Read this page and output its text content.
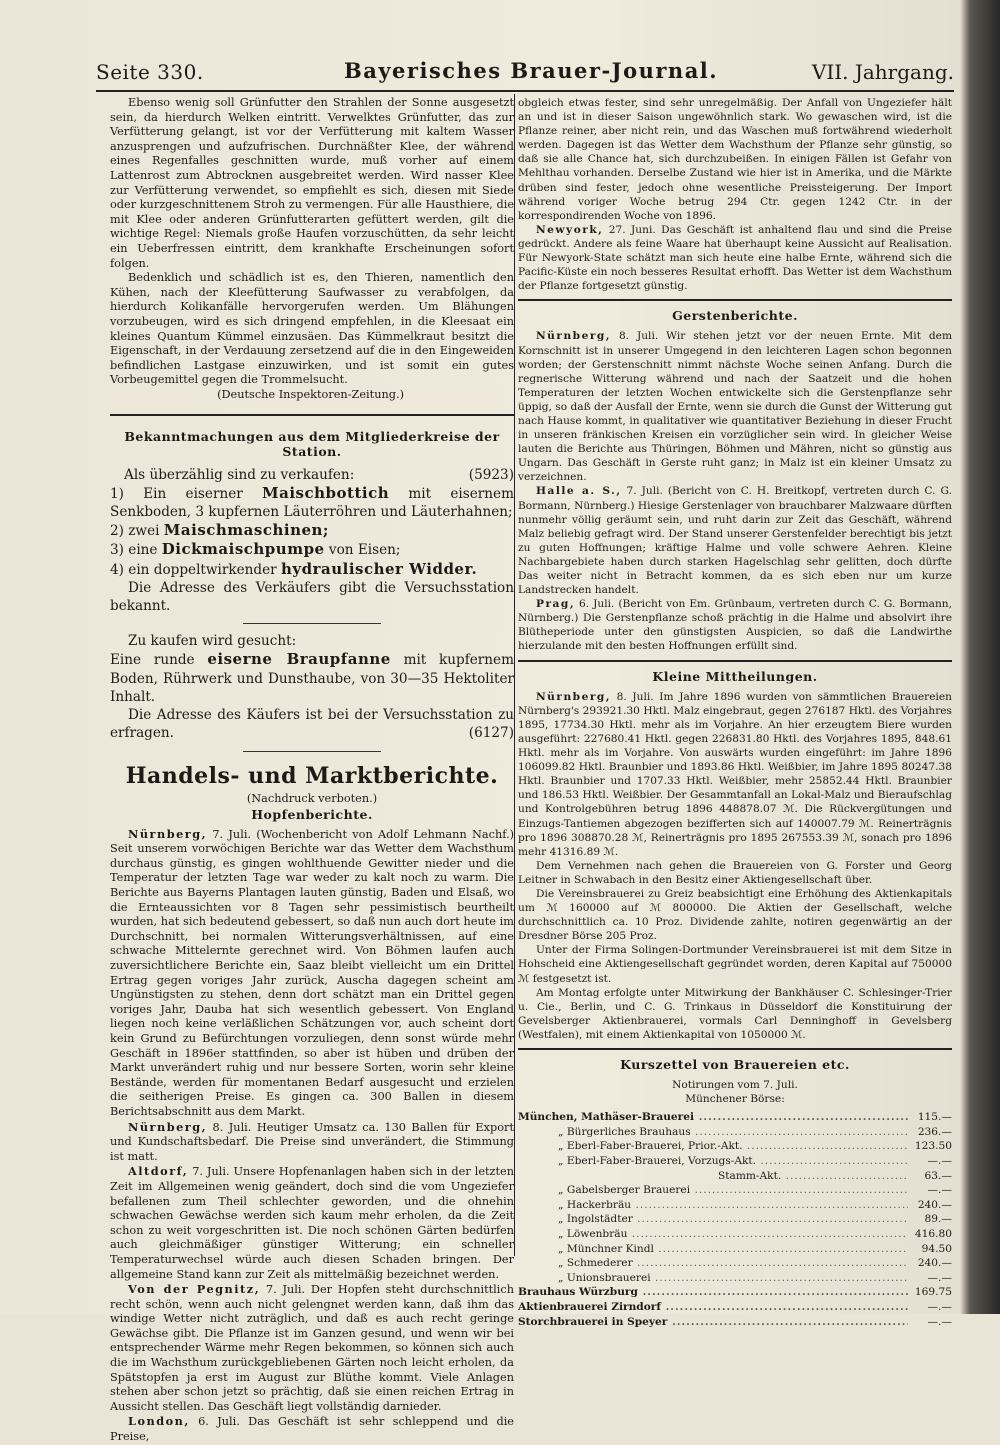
Seite 330.	Bayerisches Brauer-Journal.	VII. Jahrgang.

Ebenso wenig soll Grünfutter den Strahlen der Sonne ausgesetzt sein, da hierdurch Welken eintritt. Verwelktes Grünfutter, das zur Verfütterung gelangt, ist vor der Verfütterung mit kaltem Wasser anzusprengen und aufzufrischen. Durchnäßter Klee, der während eines Regenfalles geschnitten wurde, muß vorher auf einem Lattenrost zum Abtrocknen ausgebreitet werden. Wird nasser Klee zur Verfütterung verwendet, so empfiehlt es sich, diesen mit Siede oder kurzgeschnittenem Stroh zu vermengen. Für alle Hausthiere, die mit Klee oder anderen Grünfutterarten gefüttert werden, gilt die wichtige Regel: Niemals große Haufen vorzuschütten, da sehr leicht ein Ueberfressen eintritt, dem krankhafte Erscheinungen sofort folgen.

Bedenklich und schädlich ist es, den Thieren, namentlich den Kühen, nach der Kleefütterung Saufwasser zu verabfolgen, da hierdurch Kolikanfälle hervorgerufen werden. Um Blähungen vorzubeugen, wird es sich dringend empfehlen, in die Kleesaat ein kleines Quantum Kümmel einzusäen. Das Kümmelkraut besitzt die Eigenschaft, in der Verdauung zersetzend auf die in den Eingeweiden befindlichen Lastgase einzuwirken, und ist somit ein gutes Vorbeugemittel gegen die Trommelsucht.

(Deutsche Inspektoren-Zeitung.)

Bekanntmachungen aus dem Mitgliederkreise der Station.
Als überzählig sind zu verkaufen:	(5923)
1) Ein eiserner Maischbottich mit eisernem Senkboden, 3 kupfernen Läuterröhren und Läuterhahnen;
2) zwei Maischmaschinen;
3) eine Dickmaischpumpe von Eisen;
4) ein doppeltwirkender hydraulischer Widder.

Die Adresse des Verkäufers gibt die Versuchsstation bekannt.

Zu kaufen wird gesucht:

Eine runde eiserne Braupfanne mit kupfernem Boden, Rührwerk und Dunsthaube, von 30—35 Hektoliter Inhalt.

Die Adresse des Käufers ist bei der Versuchsstation zu erfragen.	(6127)

Handels- und Marktberichte.
(Nachdruck verboten.)
Hopfenberichte.

Nürnberg, 7. Juli. (Wochenbericht von Adolf Lehmann Nachf.) Seit unserem vorwöchigen Berichte war das Wetter dem Wachsthum durchaus günstig, es gingen wohlthuende Gewitter nieder und die Temperatur der letzten Tage war weder zu kalt noch zu warm. Die Berichte aus Bayerns Plantagen lauten günstig, Baden und Elsaß, wo die Ernteaussichten vor 8 Tagen sehr pessimistisch beurtheilt wurden, hat sich bedeutend gebessert, so daß nun auch dort heute im Durchschnitt, bei normalen Witterungsverhältnissen, auf eine schwache Mittelernte gerechnet wird. Von Böhmen laufen auch zuversichtlichere Berichte ein, Saaz bleibt vielleicht um ein Drittel Ertrag gegen voriges Jahr zurück, Auscha dagegen scheint am Ungünstigsten zu stehen, denn dort schätzt man ein Drittel gegen voriges Jahr, Dauba hat sich wesentlich gebessert. Von England liegen noch keine verläßlichen Schätzungen vor, auch scheint dort kein Grund zu Befürchtungen vorzuliegen, denn sonst würde mehr Geschäft in 1896er stattfinden, so aber ist hüben und drüben der Markt unverändert ruhig und nur bessere Sorten, worin sehr kleine Bestände, werden für momentanen Bedarf ausgesucht und erzielen die seitherigen Preise. Es gingen ca. 300 Ballen in diesem Berichtsabschnitt aus dem Markt.

Nürnberg, 8. Juli. Heutiger Umsatz ca. 130 Ballen für Export und Kundschaftsbedarf. Die Preise sind unverändert, die Stimmung ist matt.

Altdorf, 7. Juli. Unsere Hopfenanlagen haben sich in der letzten Zeit im Allgemeinen wenig geändert, doch sind die vom Ungeziefer befallenen zum Theil schlechter geworden, und die ohnehin schwachen Gewächse werden sich kaum mehr erholen, da die Zeit schon zu weit vorgeschritten ist. Die noch schönen Gärten bedürfen auch gleichmäßiger günstiger Witterung; ein schneller Temperaturwechsel würde auch diesen Schaden bringen. Der allgemeine Stand kann zur Zeit als mittelmäßig bezeichnet werden.

Von der Pegnitz, 7. Juli. Der Hopfen steht durchschnittlich recht schön, wenn auch nicht gelengnet werden kann, daß ihm das windige Wetter nicht zuträglich, und daß es auch recht geringe Gewächse gibt. Die Pflanze ist im Ganzen gesund, und wenn wir bei entsprechender Wärme mehr Regen bekommen, so können sich auch die im Wachsthum zurückgebliebenen Gärten noch leicht erholen, da Spätstopfen ja erst im August zur Blüthe kommt. Viele Anlagen stehen aber schon jetzt so prächtig, daß sie einen reichen Ertrag in Aussicht stellen. Das Geschäft liegt vollständig darnieder.

London, 6. Juli. Das Geschäft ist sehr schleppend und die Preise,

obgleich etwas fester, sind sehr unregelmäßig. Der Anfall von Ungeziefer hält an und ist in dieser Saison ungewöhnlich stark. Wo gewaschen wird, ist die Pflanze reiner, aber nicht rein, und das Waschen muß fortwährend wiederholt werden. Dagegen ist das Wetter dem Wachsthum der Pflanze sehr günstig, so daß sie alle Chance hat, sich durchzubeißen. In einigen Fällen ist Gefahr von Mehlthau vorhanden. Derselbe Zustand wie hier ist in Amerika, und die Märkte drüben sind fester, jedoch ohne wesentliche Preissteigerung. Der Import während voriger Woche betrug 294 Ctr. gegen 1242 Ctr. in der korrespondirenden Woche von 1896.

Newyork, 27. Juni. Das Geschäft ist anhaltend flau und sind die Preise gedrückt. Andere als feine Waare hat überhaupt keine Aussicht auf Realisation. Für Newyork-State schätzt man sich heute eine halbe Ernte, während sich die Pacific-Küste ein noch besseres Resultat erhofft. Das Wetter ist dem Wachsthum der Pflanze fortgesetzt günstig.

Gerstenberichte.

Nürnberg, 8. Juli. Wir stehen jetzt vor der neuen Ernte. Mit dem Kornschnitt ist in unserer Umgegend in den leichteren Lagen schon begonnen worden; der Gerstenschnitt nimmt nächste Woche seinen Anfang. Durch die regnerische Witterung während und nach der Saatzeit und die hohen Temperaturen der letzten Wochen entwickelte sich die Gerstenpflanze sehr üppig, so daß der Ausfall der Ernte, wenn sie durch die Gunst der Witterung gut nach Hause kommt, in qualitativer wie quantitativer Beziehung in dieser Frucht in unseren fränkischen Kreisen ein vorzüglicher sein wird. In gleicher Weise lauten die Berichte aus Thüringen, Böhmen und Mähren, nicht so günstig aus Ungarn. Das Geschäft in Gerste ruht ganz; in Malz ist ein kleiner Umsatz zu verzeichnen.

Halle a. S., 7. Juli. (Bericht von C. H. Breitkopf, vertreten durch C. G. Bormann, Nürnberg.) Hiesige Gerstenlager von brauchbarer Malzwaare dürften nunmehr völlig geräumt sein, und ruht darin zur Zeit das Geschäft, während Malz beliebig gefragt wird. Der Stand unserer Gerstenfelder berechtigt bis jetzt zu guten Hoffnungen; kräftige Halme und volle schwere Aehren. Kleine Nachbargebiete haben durch starken Hagelschlag sehr gelitten, doch dürfte Das weiter nicht in Betracht kommen, da es sich eben nur um kurze Landstrecken handelt.

Prag, 6. Juli. (Bericht von Em. Grünbaum, vertreten durch C. G. Bormann, Nürnberg.) Die Gerstenpflanze schoß prächtig in die Halme und absolvirt ihre Blütheperiode unter den günstigsten Auspicien, so daß die Landwirthe hierzulande mit den besten Hoffnungen erfüllt sind.

Kleine Mittheilungen.

Nürnberg, 8. Juli. Im Jahre 1896 wurden von sämmtlichen Brauereien Nürnberg's 293921.30 Hktl. Malz eingebraut, gegen 276187 Hktl. des Vorjahres 1895, 17734.30 Hktl. mehr als im Vorjahre. An hier erzeugtem Biere wurden ausgeführt: 227680.41 Hktl. gegen 226831.80 Hktl. des Vorjahres 1895, 848.61 Hktl. mehr als im Vorjahre. Von auswärts wurden eingeführt: im Jahre 1896 106099.82 Hktl. Braunbier und 1893.86 Hktl. Weißbier, im Jahre 1895 80247.38 Hktl. Braunbier und 1707.33 Hktl. Weißbier, mehr 25852.44 Hktl. Braunbier und 186.53 Hktl. Weißbier. Der Gesammtanfall an Lokal-Malz und Bieraufschlag und Kontrolgebühren betrug 1896 448878.07 ℳ. Die Rückvergütungen und Einzugs-Tantiemen abgezogen bezifferten sich auf 140007.79 ℳ. Reinerträgnis pro 1896 308870.28 ℳ, Reinerträgnis pro 1895 267553.39 ℳ, sonach pro 1896 mehr 41316.89 ℳ.

Dem Vernehmen nach gehen die Brauereien von G. Forster und Georg Leitner in Schwabach in den Besitz einer Aktiengesellschaft über.

Die Vereinsbrauerei zu Greiz beabsichtigt eine Erhöhung des Aktienkapitals um ℳ 160000 auf ℳ 800000. Die Aktien der Gesellschaft, welche durchschnittlich ca. 10 Proz. Dividende zahlte, notiren gegenwärtig an der Dresdner Börse 205 Proz.

Unter der Firma Solingen-Dortmunder Vereinsbrauerei ist mit dem Sitze in Hohscheid eine Aktiengesellschaft gegründet worden, deren Kapital auf 750000 ℳ festgesetzt ist.

Am Montag erfolgte unter Mitwirkung der Bankhäuser C. Schlesinger-Trier u. Cie., Berlin, und C. G. Trinkaus in Düsseldorf die Konstituirung der Gevelsberger Aktienbrauerei, vormals Carl Denninghoff in Gevelsberg (Westfalen), mit einem Aktienkapital von 1050000 ℳ.

Kurszettel von Brauereien etc.
Notirungen vom 7. Juli.
Münchener Börse:
München, Mathäser-Brauerei .....	115.—
„ Bürgerliches Brauhaus .....	236.—
„ Eberl-Faber-Brauerei, Prior.-Akt. .....	123.50
„ Eberl-Faber-Brauerei, Vorzugs-Akt. .....	—.—
Stamm-Akt. .....	63.—
„ Gabelsberger Brauerei .....	—.—
„ Hackerbräu .....	240.—
„ Ingolstädter .....	89.—
„ Löwenbräu .....	416.80
„ Münchner Kindl .....	94.50
„ Schmederer .....	240.—
„ Unionsbrauerei .....	—.—
Brauhaus Würzburg .....	169.75
Aktienbrauerei Zirndorf .....	—.—
Storchbrauerei in Speyer .....	—.—
